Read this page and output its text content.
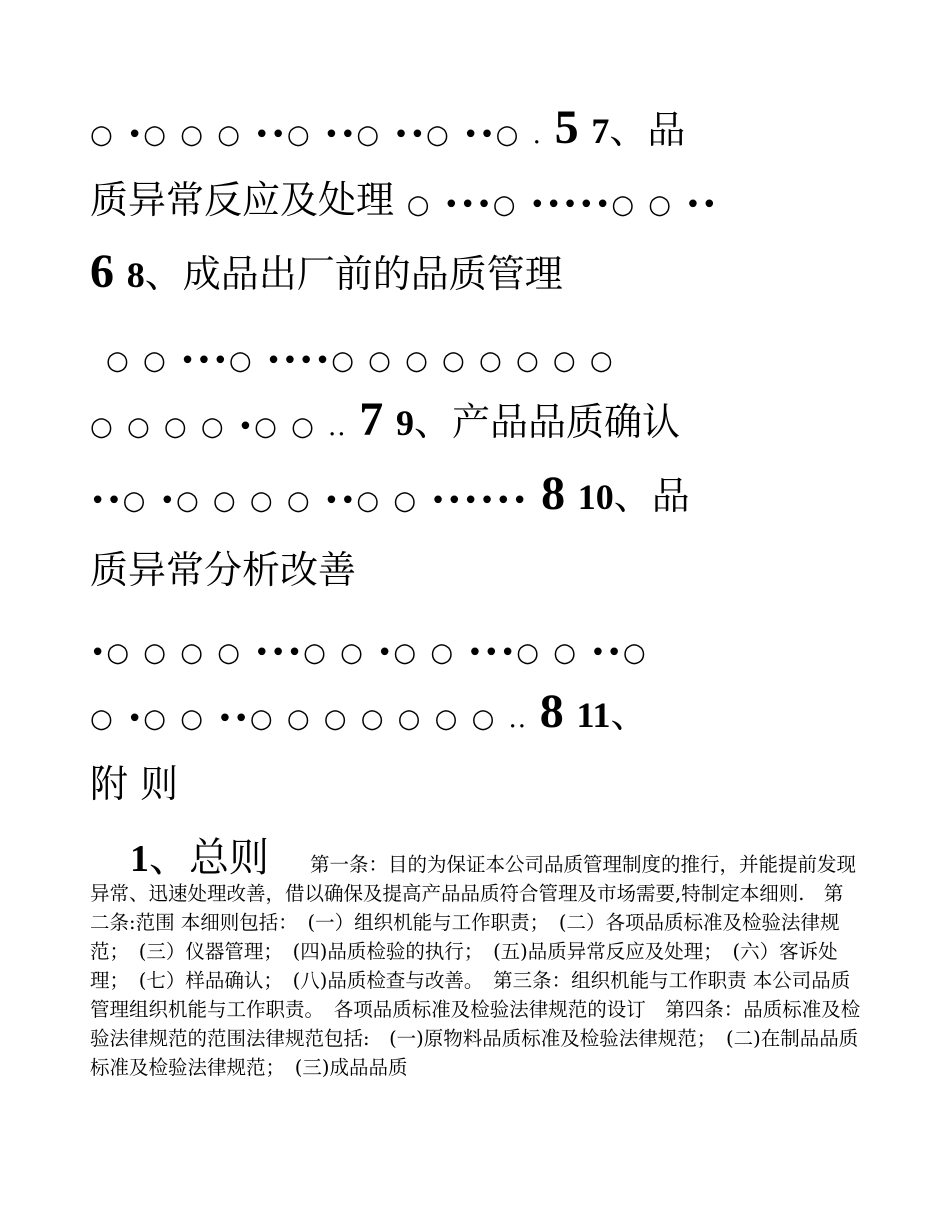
○ •○ ○ ○ ••○ ••○ ••○ ••○ . 5 7、品
质异常反应及处理 ○ •••○ •••••○ ○ ••
6 8、成品出厂前的品质管理
○ ○ •••○ ••••○ ○ ○ ○ ○ ○ ○ ○
○ ○ ○ ○ •○ ○ .. 7 9、产品品质确认
••○ •○ ○ ○ ○ ••○ ○ •••••• 8 10、品
质异常分析改善
•○ ○ ○ ○ •••○ ○ •○ ○ •••○ ○ ••○
○ •○ ○ ••○ ○ ○ ○ ○ ○ ○ .. 8 11、
附 则
1、总则	第一条：目的为保证本公司品质管理制度的推行，并能提前发现异常、迅速处理改善，借以确保及提高产品品质符合管理及市场需要,特制定本细则.　第二条:范围 本细则包括：　(一）组织机能与工作职责；　(二）各项品质标准及检验法律规范；　(三）仪器管理；　(四)品质检验的执行；　(五)品质异常反应及处理；　(六）客诉处理；　(七）样品确认；　(八)品质检查与改善。　第三条：组织机能与工作职责 本公司品质管理组织机能与工作职责。　各项品质标准及检验法律规范的设订　第四条：品质标准及检验法律规范的范围法律规范包括:　(一)原物料品质标准及检验法律规范；　(二)在制品品质标准及检验法律规范；　(三)成品品质
